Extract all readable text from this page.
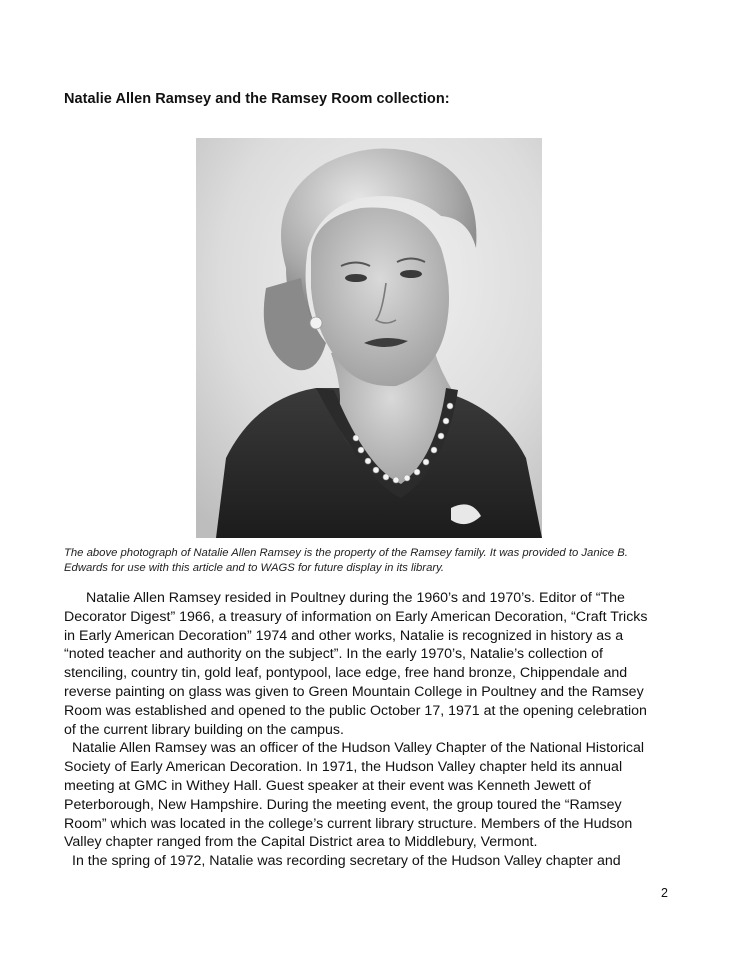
Natalie Allen Ramsey and the Ramsey Room collection:
The above photograph of Natalie Allen Ramsey is the property of the Ramsey family. It was provided to Janice B.
Edwards for use with this article and to WAGS for future display in its library.
Natalie Allen Ramsey resided in Poultney during the 1960’s and 1970’s. Editor of “The
Decorator Digest” 1966, a treasury of information on Early American Decoration, “Craft Tricks
in Early American Decoration” 1974 and other works, Natalie is recognized in history as a
“noted teacher and authority on the subject”. In the early 1970’s, Natalie’s collection of
stenciling, country tin, gold leaf, pontypool, lace edge, free hand bronze, Chippendale and
reverse painting on glass was given to Green Mountain College in Poultney and the Ramsey
Room was established and opened to the public October 17, 1971 at the opening celebration
of the current library building on the campus.
Natalie Allen Ramsey was an officer of the Hudson Valley Chapter of the National Historical
Society of Early American Decoration. In 1971, the Hudson Valley chapter held its annual
meeting at GMC in Withey Hall. Guest speaker at their event was Kenneth Jewett of
Peterborough, New Hampshire. During the meeting event, the group toured the “Ramsey
Room” which was located in the college’s current library structure. Members of the Hudson
Valley chapter ranged from the Capital District area to Middlebury, Vermont.
In the spring of 1972, Natalie was recording secretary of the Hudson Valley chapter and
2
